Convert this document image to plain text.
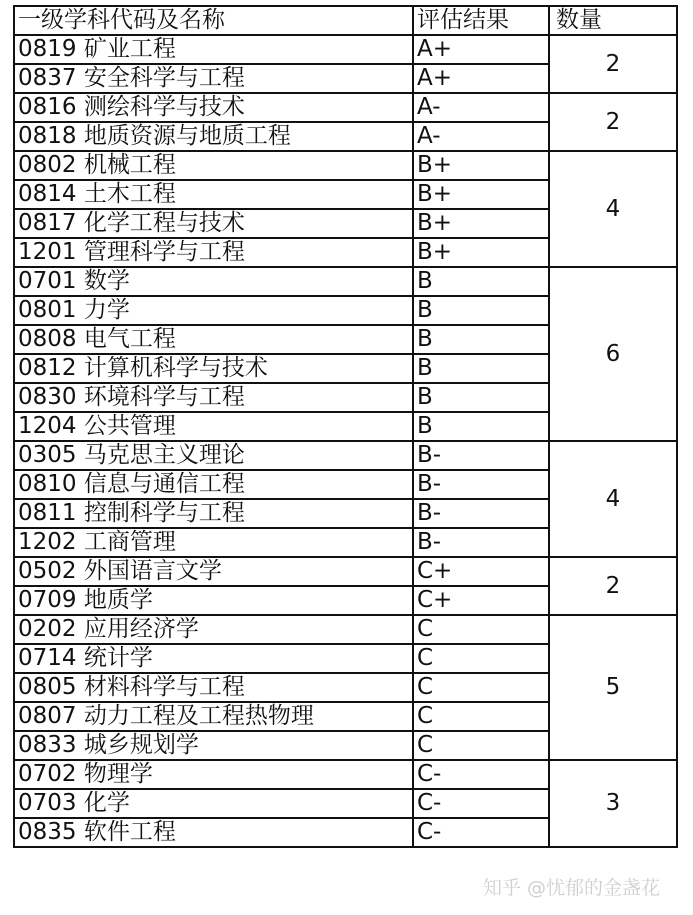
一级学科代码及名称	评估结果	数量
0819 矿业工程	A+	2
0837 安全科学与工程	A+	
0816 测绘科学与技术	A-	2
0818 地质资源与地质工程	A-	
0802 机械工程	B+	4
0814 土木工程	B+	
0817 化学工程与技术	B+	
1201 管理科学与工程	B+	
0701 数学	B	6
0801 力学	B	
0808 电气工程	B	
0812 计算机科学与技术	B	
0830 环境科学与工程	B	
1204 公共管理	B	
0305 马克思主义理论	B-	4
0810 信息与通信工程	B-	
0811 控制科学与工程	B-	
1202 工商管理	B-	
0502 外国语言文学	C+	2
0709 地质学	C+	
0202 应用经济学	C	5
0714 统计学	C	
0805 材料科学与工程	C	
0807 动力工程及工程热物理	C	
0833 城乡规划学	C	
0702 物理学	C-	3
0703 化学	C-	
0835 软件工程	C-	
知乎 @忧郁的金盏花
